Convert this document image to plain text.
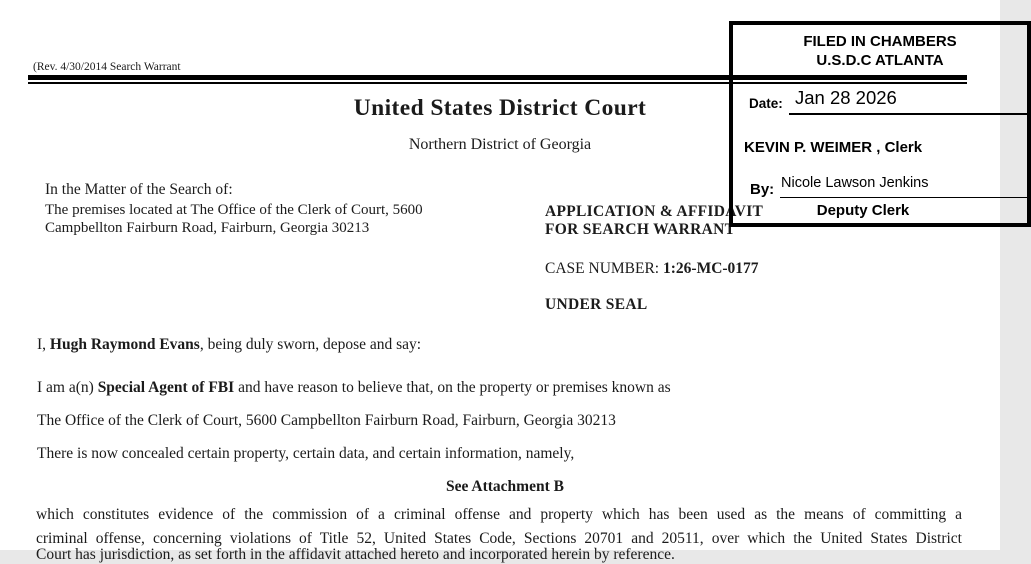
(Rev. 4/30/2014 Search Warrant
United States District Court
Northern District of Georgia
In the Matter of the Search of:
The premises located at The Office of the Clerk of Court, 5600 Campbellton Fairburn Road, Fairburn, Georgia 30213
APPLICATION & AFFIDAVIT
FOR SEARCH WARRANT
CASE NUMBER: 1:26-MC-0177
UNDER SEAL
I, Hugh Raymond Evans, being duly sworn, depose and say:
I am a(n) Special Agent of FBI and have reason to believe that, on the property or premises known as
The Office of the Clerk of Court, 5600 Campbellton Fairburn Road, Fairburn, Georgia 30213
There is now concealed certain property, certain data, and certain information, namely,
See Attachment B
which constitutes evidence of the commission of a criminal offense and property which has been used as the means of committing a
criminal offense, concerning violations of Title 52, United States Code, Sections 20701 and 20511, over which the United States District
Court has jurisdiction, as set forth in the affidavit attached hereto and incorporated herein by reference.
FILED IN CHAMBERS
U.S.D.C ATLANTA
Date: Jan 28 2026
KEVIN P. WEIMER , Clerk
By: Nicole Lawson Jenkins
Deputy Clerk
